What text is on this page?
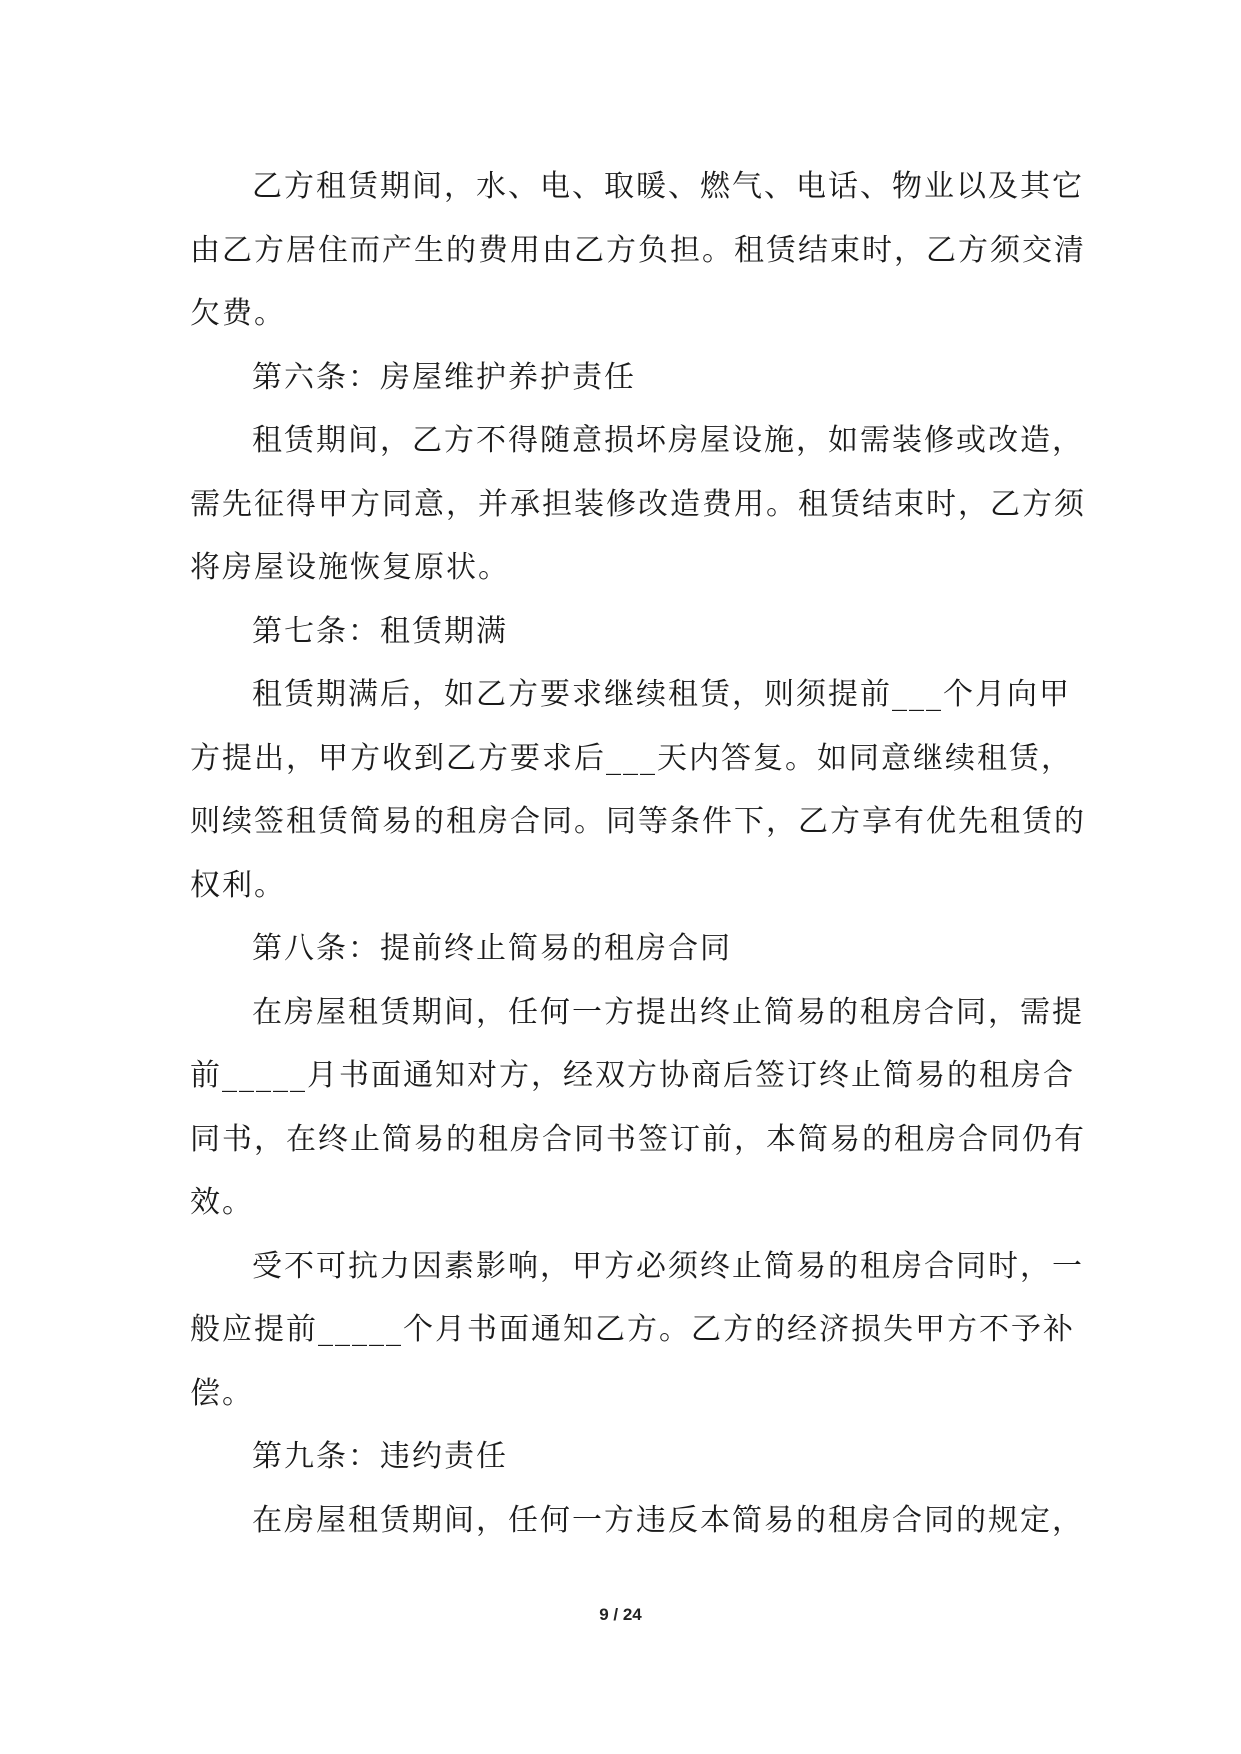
乙方租赁期间，水、电、取暖、燃气、电话、物业以及其它
由乙方居住而产生的费用由乙方负担。租赁结束时，乙方须交清
欠费。
第六条：房屋维护养护责任
租赁期间，乙方不得随意损坏房屋设施，如需装修或改造，
需先征得甲方同意，并承担装修改造费用。租赁结束时，乙方须
将房屋设施恢复原状。
第七条：租赁期满
租赁期满后，如乙方要求继续租赁，则须提前___个月向甲
方提出，甲方收到乙方要求后___天内答复。如同意继续租赁，
则续签租赁简易的租房合同。同等条件下，乙方享有优先租赁的
权利。
第八条：提前终止简易的租房合同
在房屋租赁期间，任何一方提出终止简易的租房合同，需提
前_____月书面通知对方，经双方协商后签订终止简易的租房合
同书，在终止简易的租房合同书签订前，本简易的租房合同仍有
效。
受不可抗力因素影响，甲方必须终止简易的租房合同时，一
般应提前_____个月书面通知乙方。乙方的经济损失甲方不予补
偿。
第九条：违约责任
在房屋租赁期间，任何一方违反本简易的租房合同的规定，
9 / 24
